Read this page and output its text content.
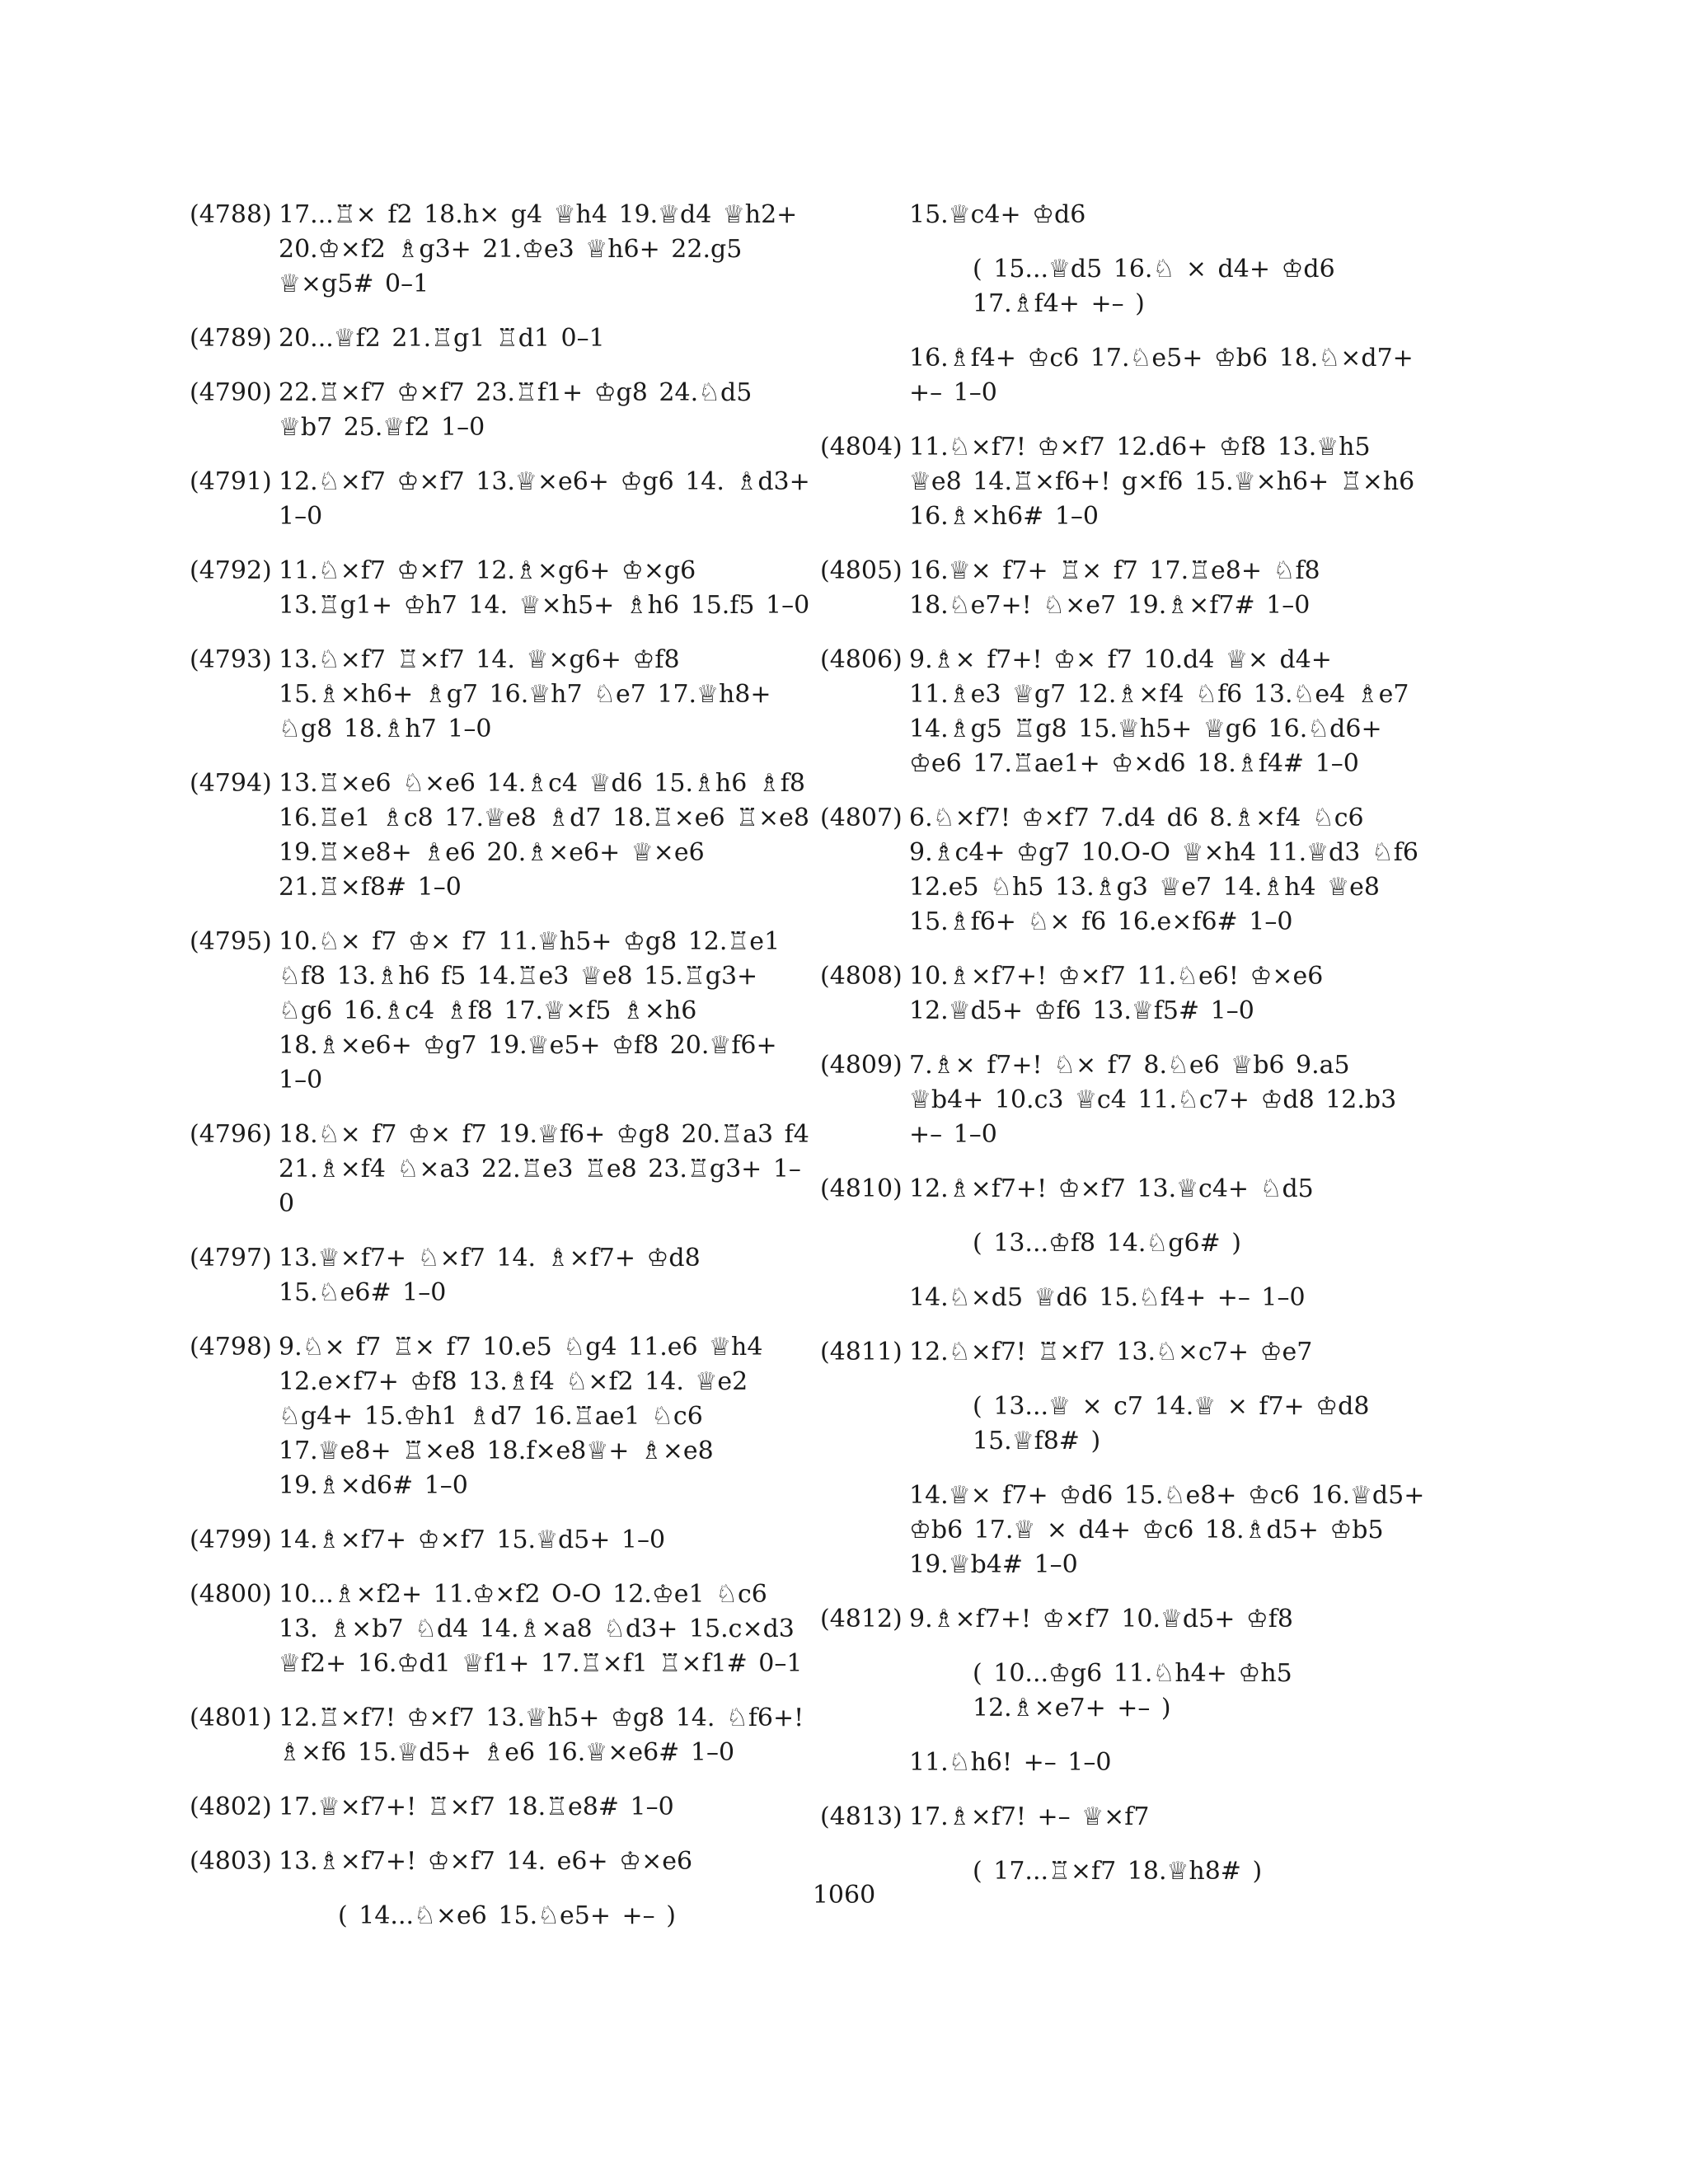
(4788) 17...♖× f2 18.h× g4 ♕h4 19.♕d4 ♕h2+ 20.♔×f2 ♗g3+ 21.♔e3 ♕h6+ 22.g5 ♕×g5# 0–1
(4789) 20...♕f2 21.♖g1 ♖d1 0–1
(4790) 22.♖×f7 ♔×f7 23.♖f1+ ♔g8 24.♘d5 ♕b7 25.♕f2 1–0
(4791) 12.♘×f7 ♔×f7 13.♕×e6+ ♔g6 14. ♗d3+ 1–0
(4792) 11.♘×f7 ♔×f7 12.♗×g6+ ♔×g6 13.♖g1+ ♔h7 14. ♕×h5+ ♗h6 15.f5 1–0
(4793) 13.♘×f7 ♖×f7 14. ♕×g6+ ♔f8 15.♗×h6+ ♗g7 16.♕h7 ♘e7 17.♕h8+ ♘g8 18.♗h7 1–0
(4794) 13.♖×e6 ♘×e6 14.♗c4 ♕d6 15.♗h6 ♗f8 16.♖e1 ♗c8 17.♕e8 ♗d7 18.♖×e6 ♖×e8 19.♖×e8+ ♗e6 20.♗×e6+ ♕×e6 21.♖×f8# 1–0
(4795) 10.♘× f7 ♔× f7 11.♕h5+ ♔g8 12.♖e1 ♘f8 13.♗h6 f5 14.♖e3 ♕e8 15.♖g3+ ♘g6 16.♗c4 ♗f8 17.♕×f5 ♗×h6 18.♗×e6+ ♔g7 19.♕e5+ ♔f8 20.♕f6+ 1–0
(4796) 18.♘× f7 ♔× f7 19.♕f6+ ♔g8 20.♖a3 f4 21.♗×f4 ♘×a3 22.♖e3 ♖e8 23.♖g3+ 1–0
(4797) 13.♕×f7+ ♘×f7 14. ♗×f7+ ♔d8 15.♘e6# 1–0
(4798) 9.♘× f7 ♖× f7 10.e5 ♘g4 11.e6 ♕h4 12.e×f7+ ♔f8 13.♗f4 ♘×f2 14. ♕e2 ♘g4+ 15.♔h1 ♗d7 16.♖ae1 ♘c6 17.♕e8+ ♖×e8 18.f×e8♕+ ♗×e8 19.♗×d6# 1–0
(4799) 14.♗×f7+ ♔×f7 15.♕d5+ 1–0
(4800) 10...♗×f2+ 11.♔×f2 O-O 12.♔e1 ♘c6 13. ♗×b7 ♘d4 14.♗×a8 ♘d3+ 15.c×d3 ♕f2+ 16.♔d1 ♕f1+ 17.♖×f1 ♖×f1# 0–1
(4801) 12.♖×f7! ♔×f7 13.♕h5+ ♔g8 14. ♘f6+! ♗×f6 15.♕d5+ ♗e6 16.♕×e6# 1–0
(4802) 17.♕×f7+! ♖×f7 18.♖e8# 1–0
(4803) 13.♗×f7+! ♔×f7 14. e6+ ♔×e6
( 14...♘×e6 15.♘e5+ +– )
15.♕c4+ ♔d6
( 15...♕d5 16.♘ × d4+ ♔d6 17.♗f4+ +– )
16.♗f4+ ♔c6 17.♘e5+ ♔b6 18.♘×d7+ +– 1–0
(4804) 11.♘×f7! ♔×f7 12.d6+ ♔f8 13.♕h5 ♕e8 14.♖×f6+! g×f6 15.♕×h6+ ♖×h6 16.♗×h6# 1–0
(4805) 16.♕× f7+ ♖× f7 17.♖e8+ ♘f8 18.♘e7+! ♘×e7 19.♗×f7# 1–0
(4806) 9.♗× f7+! ♔× f7 10.d4 ♕× d4+ 11.♗e3 ♕g7 12.♗×f4 ♘f6 13.♘e4 ♗e7 14.♗g5 ♖g8 15.♕h5+ ♕g6 16.♘d6+ ♔e6 17.♖ae1+ ♔×d6 18.♗f4# 1–0
(4807) 6.♘×f7! ♔×f7 7.d4 d6 8.♗×f4 ♘c6 9.♗c4+ ♔g7 10.O-O ♕×h4 11.♕d3 ♘f6 12.e5 ♘h5 13.♗g3 ♕e7 14.♗h4 ♕e8 15.♗f6+ ♘× f6 16.e×f6# 1–0
(4808) 10.♗×f7+! ♔×f7 11.♘e6! ♔×e6 12.♕d5+ ♔f6 13.♕f5# 1–0
(4809) 7.♗× f7+! ♘× f7 8.♘e6 ♕b6 9.a5 ♕b4+ 10.c3 ♕c4 11.♘c7+ ♔d8 12.b3 +– 1–0
(4810) 12.♗×f7+! ♔×f7 13.♕c4+ ♘d5
( 13...♔f8 14.♘g6# )
14.♘×d5 ♕d6 15.♘f4+ +– 1–0
(4811) 12.♘×f7! ♖×f7 13.♘×c7+ ♔e7
( 13...♕ × c7 14.♕ × f7+ ♔d8 15.♕f8# )
14.♕× f7+ ♔d6 15.♘e8+ ♔c6 16.♕d5+ ♔b6 17.♕ × d4+ ♔c6 18.♗d5+ ♔b5 19.♕b4# 1–0
(4812) 9.♗×f7+! ♔×f7 10.♕d5+ ♔f8
( 10...♔g6 11.♘h4+ ♔h5 12.♗×e7+ +– )
11.♘h6! +– 1–0
(4813) 17.♗×f7! +– ♕×f7
( 17...♖×f7 18.♕h8# )
1060
